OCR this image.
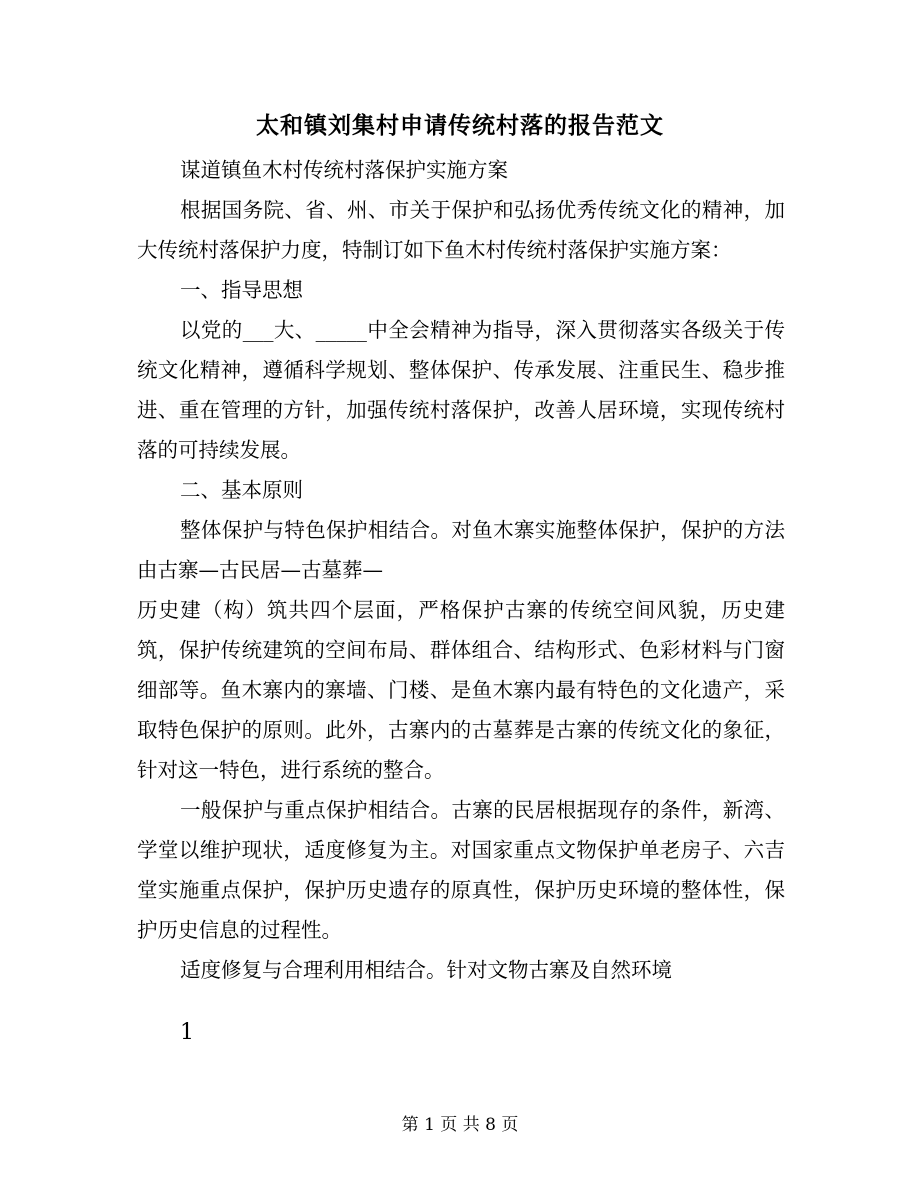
太和镇刘集村申请传统村落的报告范文

谋道镇鱼木村传统村落保护实施方案

根据国务院、省、州、市关于保护和弘扬优秀传统文化的精神，加大传统村落保护力度，特制订如下鱼木村传统村落保护实施方案：

一、指导思想

以党的___大、_____中全会精神为指导，深入贯彻落实各级关于传统文化精神，遵循科学规划、整体保护、传承发展、注重民生、稳步推进、重在管理的方针，加强传统村落保护，改善人居环境，实现传统村落的可持续发展。

二、基本原则

整体保护与特色保护相结合。对鱼木寨实施整体保护，保护的方法由古寨—古民居—古墓葬—

历史建（构）筑共四个层面，严格保护古寨的传统空间风貌，历史建筑，保护传统建筑的空间布局、群体组合、结构形式、色彩材料与门窗细部等。鱼木寨内的寨墙、门楼、是鱼木寨内最有特色的文化遗产，采取特色保护的原则。此外，古寨内的古墓葬是古寨的传统文化的象征，针对这一特色，进行系统的整合。

一般保护与重点保护相结合。古寨的民居根据现存的条件，新湾、学堂以维护现状，适度修复为主。对国家重点文物保护单老房子、六吉堂实施重点保护，保护历史遗存的原真性，保护历史环境的整体性，保护历史信息的过程性。

适度修复与合理利用相结合。针对文物古寨及自然环境

1
第 1 页 共 8 页
